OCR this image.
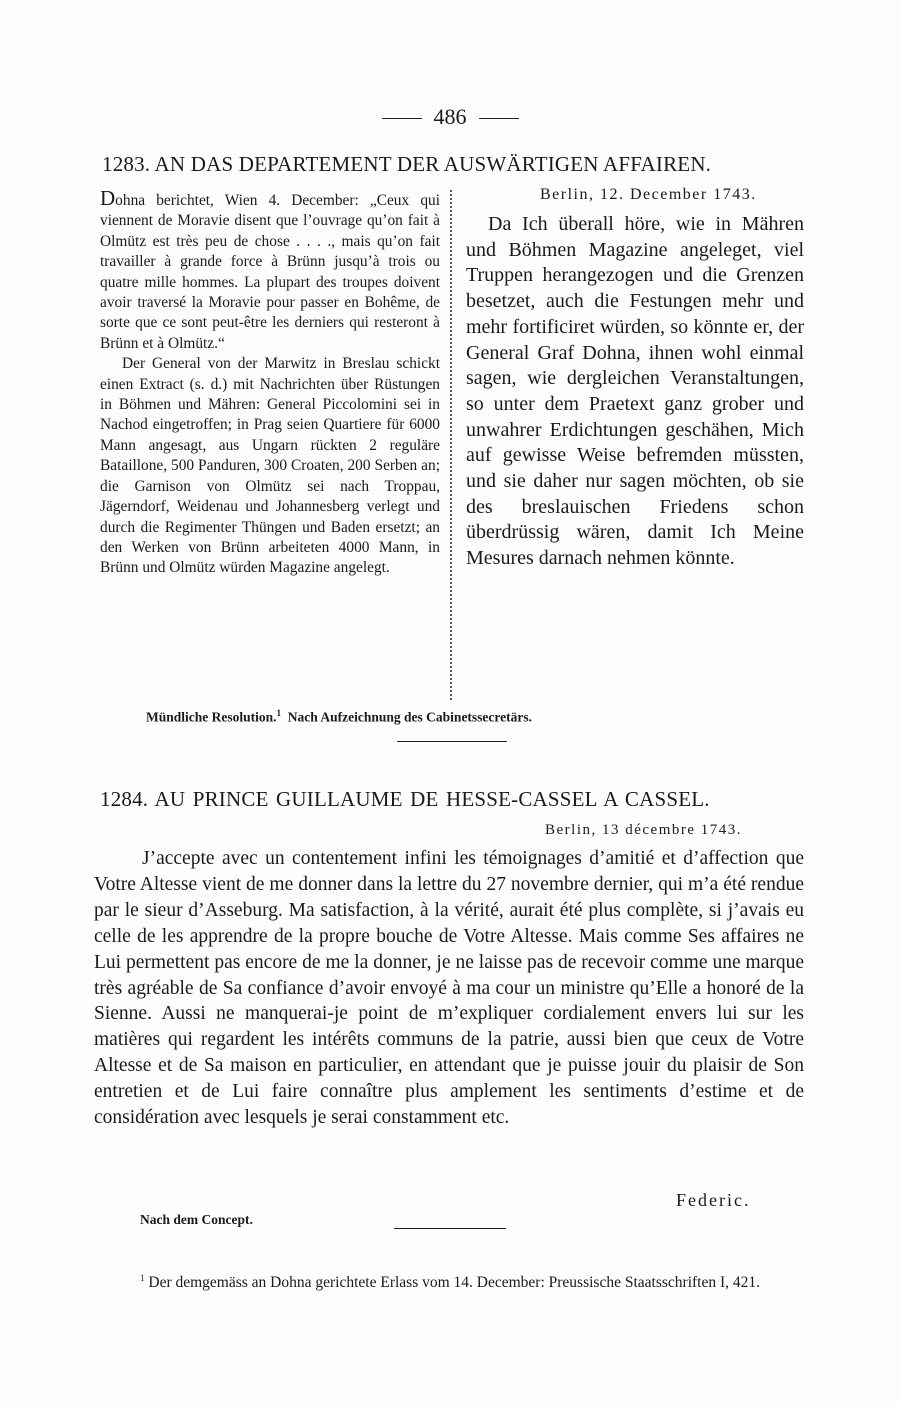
486
1283. AN DAS DEPARTEMENT DER AUSWÄRTIGEN AFFAIREN.

Dohna berichtet, Wien 4. December: „Ceux qui viennent de Moravie disent que l’ouvrage qu’on fait à Olmütz est très peu de chose . . . ., mais qu’on fait travailler à grande force à Brünn jusqu’à trois ou quatre mille hommes. La plupart des troupes doivent avoir traversé la Moravie pour passer en Bohême, de sorte que ce sont peut-être les derniers qui resteront à Brünn et à Olmütz.“

Der General von der Marwitz in Breslau schickt einen Extract (s. d.) mit Nachrichten über Rüstungen in Böhmen und Mähren: General Piccolomini sei in Nachod eingetroffen; in Prag seien Quartiere für 6000 Mann angesagt, aus Ungarn rückten 2 reguläre Bataillone, 500 Panduren, 300 Croaten, 200 Serben an; die Garnison von Olmütz sei nach Troppau, Jägerndorf, Weidenau und Johannesberg verlegt und durch die Regimenter Thüngen und Baden ersetzt; an den Werken von Brünn arbeiteten 4000 Mann, in Brünn und Olmütz würden Magazine angelegt.

Berlin, 12. December 1743.

Da Ich überall höre, wie in Mähren und Böhmen Magazine angeleget, viel Truppen herangezogen und die Grenzen besetzet, auch die Festungen mehr und mehr fortificiret würden, so könnte er, der General Graf Dohna, ihnen wohl einmal sagen, wie dergleichen Veranstaltungen, so unter dem Praetext ganz grober und unwahrer Erdichtungen geschähen, Mich auf gewisse Weise befremden müssten, und sie daher nur sagen möchten, ob sie des breslauischen Friedens schon überdrüssig wären, damit Ich Meine Mesures darnach nehmen könnte.

Mündliche Resolution.$^1$ Nach Aufzeichnung des Cabinetssecretärs.
1284. AU PRINCE GUILLAUME DE HESSE-CASSEL A CASSEL.
Berlin, 13 décembre 1743.

J’accepte avec un contentement infini les témoignages d’amitié et d’affection que Votre Altesse vient de me donner dans la lettre du 27 novembre dernier, qui m’a été rendue par le sieur d’Asseburg. Ma satisfaction, à la vérité, aurait été plus complète, si j’avais eu celle de les apprendre de la propre bouche de Votre Altesse. Mais comme Ses affaires ne Lui permettent pas encore de me la donner, je ne laisse pas de recevoir comme une marque très agréable de Sa confiance d’avoir envoyé à ma cour un ministre qu’Elle a honoré de la Sienne. Aussi ne manquerai-je point de m’expliquer cordialement envers lui sur les matières qui regardent les intérêts communs de la patrie, aussi bien que ceux de Votre Altesse et de Sa maison en particulier, en attendant que je puisse jouir du plaisir de Son entretien et de Lui faire connaître plus amplement les sentiments d’estime et de considération avec lesquels je serai constamment etc.

Federic.
Nach dem Concept.

$^1$ Der demgemäss an Dohna gerichtete Erlass vom 14. December: Preussische Staatsschriften I, 421.
